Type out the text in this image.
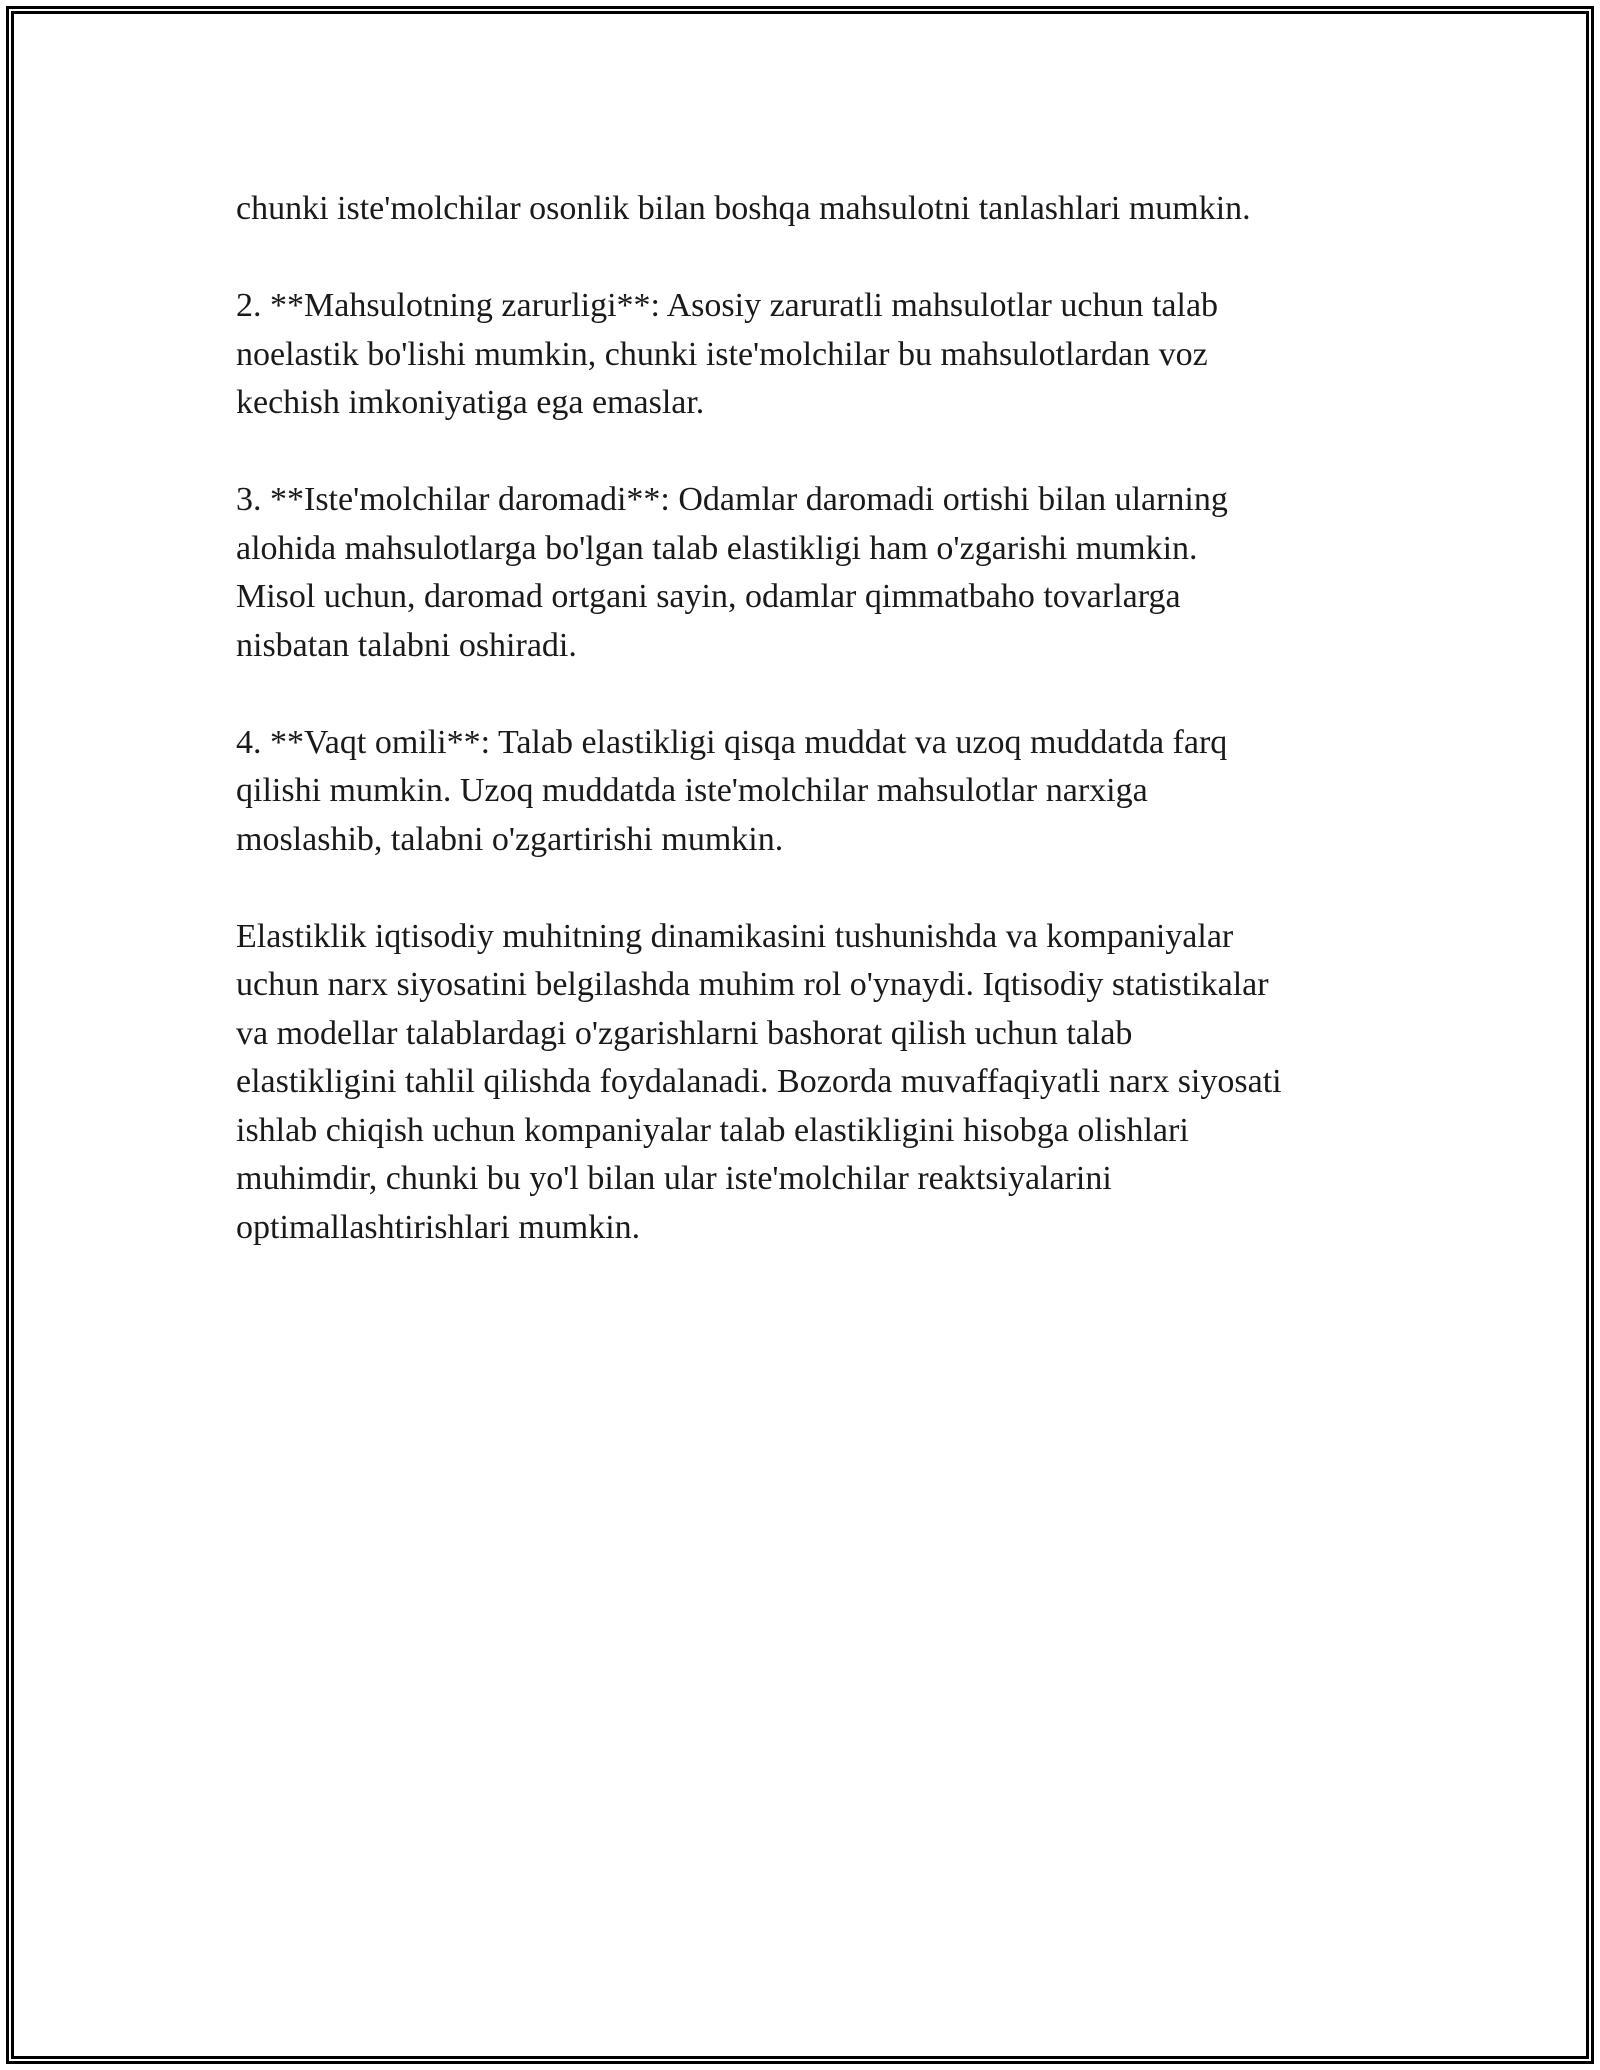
chunki iste'molchilar osonlik bilan boshqa mahsulotni tanlashlari mumkin.

2. **Mahsulotning zarurligi**: Asosiy zaruratli mahsulotlar uchun talab
noelastik bo'lishi mumkin, chunki iste'molchilar bu mahsulotlardan voz
kechish imkoniyatiga ega emaslar.

3. **Iste'molchilar daromadi**: Odamlar daromadi ortishi bilan ularning
alohida mahsulotlarga bo'lgan talab elastikligi ham o'zgarishi mumkin.
Misol uchun, daromad ortgani sayin, odamlar qimmatbaho tovarlarga
nisbatan talabni oshiradi.

4. **Vaqt omili**: Talab elastikligi qisqa muddat va uzoq muddatda farq
qilishi mumkin. Uzoq muddatda iste'molchilar mahsulotlar narxiga
moslashib, talabni o'zgartirishi mumkin.

Elastiklik iqtisodiy muhitning dinamikasini tushunishda va kompaniyalar
uchun narx siyosatini belgilashda muhim rol o'ynaydi. Iqtisodiy statistikalar
va modellar talablardagi o'zgarishlarni bashorat qilish uchun talab
elastikligini tahlil qilishda foydalanadi. Bozorda muvaffaqiyatli narx siyosati
ishlab chiqish uchun kompaniyalar talab elastikligini hisobga olishlari
muhimdir, chunki bu yo'l bilan ular iste'molchilar reaktsiyalarini
optimallashtirishlari mumkin.
